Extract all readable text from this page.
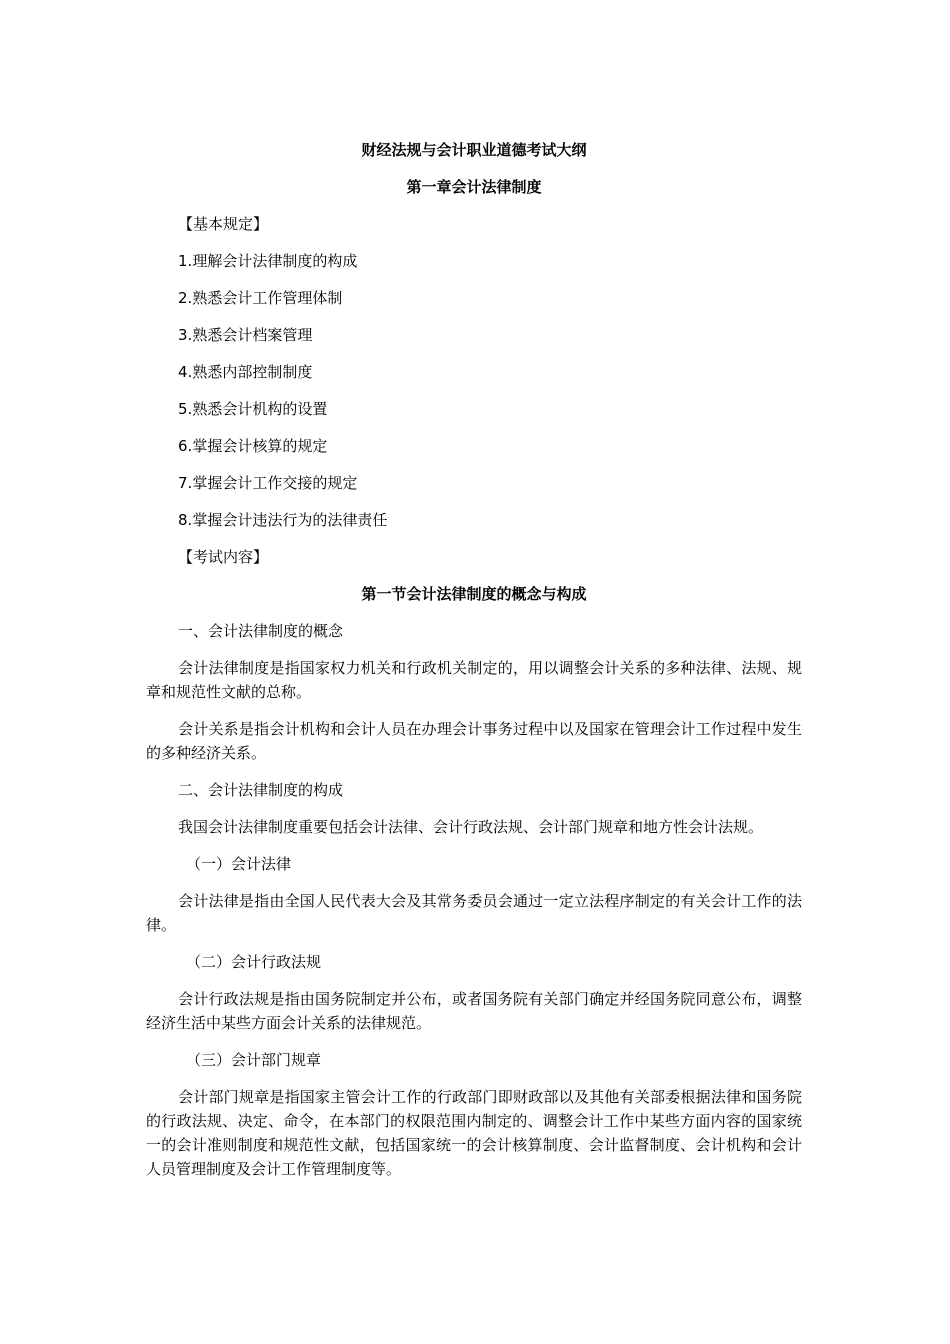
财经法规与会计职业道德考试大纲
第一章会计法律制度
【基本规定】
1.理解会计法律制度的构成
2.熟悉会计工作管理体制
3.熟悉会计档案管理
4.熟悉内部控制制度
5.熟悉会计机构的设置
6.掌握会计核算的规定
7.掌握会计工作交接的规定
8.掌握会计违法行为的法律责任
【考试内容】
第一节会计法律制度的概念与构成
一、会计法律制度的概念
会计法律制度是指国家权力机关和行政机关制定的，用以调整会计关系的多种法律、法规、规章和规范性文献的总称。
会计关系是指会计机构和会计人员在办理会计事务过程中以及国家在管理会计工作过程中发生的多种经济关系。
二、会计法律制度的构成
我国会计法律制度重要包括会计法律、会计行政法规、会计部门规章和地方性会计法规。
（一）会计法律
会计法律是指由全国人民代表大会及其常务委员会通过一定立法程序制定的有关会计工作的法律。
（二）会计行政法规
会计行政法规是指由国务院制定并公布，或者国务院有关部门确定并经国务院同意公布，调整经济生活中某些方面会计关系的法律规范。
（三）会计部门规章
会计部门规章是指国家主管会计工作的行政部门即财政部以及其他有关部委根据法律和国务院的行政法规、决定、命令，在本部门的权限范围内制定的、调整会计工作中某些方面内容的国家统一的会计准则制度和规范性文献，包括国家统一的会计核算制度、会计监督制度、会计机构和会计人员管理制度及会计工作管理制度等。
